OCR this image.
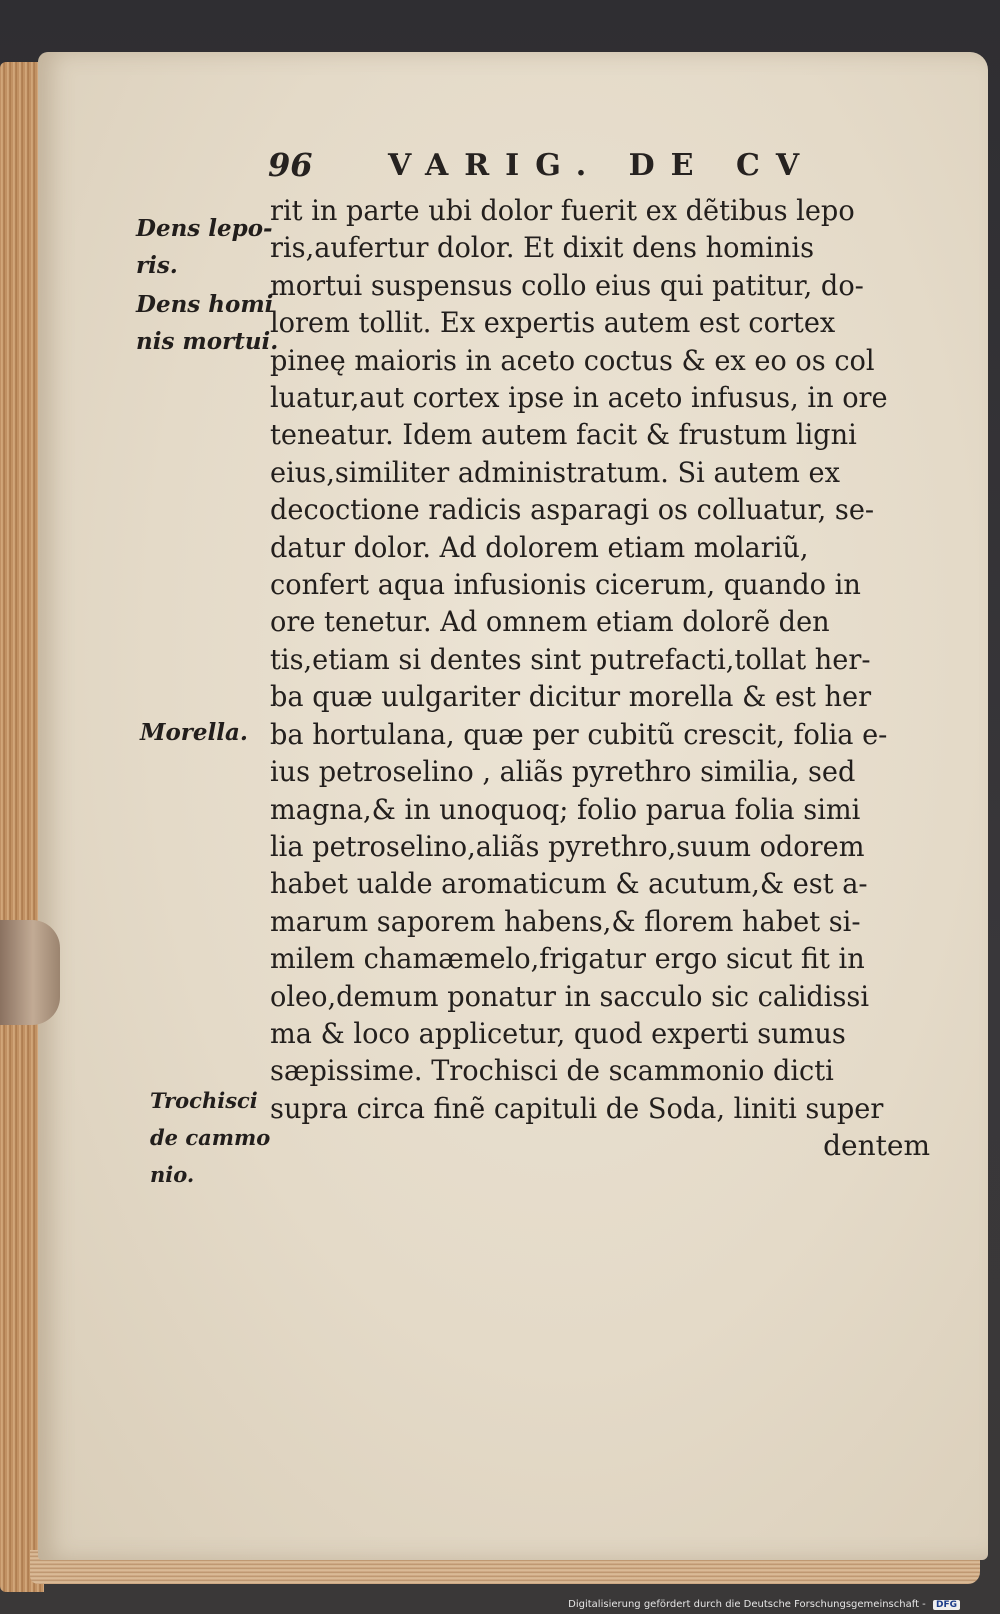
96	VARIG. DE CV
Dens lepo-
ris.
Dens homi
nis mortui.
Morella.
Trochisci
de cammo
nio.
rit in parte ubi dolor fuerit ex dẽtibus lepo
ris,aufertur dolor. Et dixit dens hominis
mortui suspensus collo eius qui patitur, do-
lorem tollit. Ex expertis autem est cortex
pineę maioris in aceto coctus & ex eo os col
luatur,aut cortex ipse in aceto infusus, in ore
teneatur. Idem autem facit & frustum ligni
eius,similiter administratum. Si autem ex
decoctione radicis asparagi os colluatur, se-
datur dolor. Ad dolorem etiam molariũ,
confert aqua infusionis cicerum, quando in
ore tenetur. Ad omnem etiam dolorẽ den
tis,etiam si dentes sint putrefacti,tollat her-
ba quæ uulgariter dicitur morella & est her
ba hortulana, quæ per cubitũ crescit, folia e-
ius petroselino , aliãs pyrethro similia, sed
magna,& in unoquoq; folio parua folia simi
lia petroselino,aliãs pyrethro,suum odorem
habet ualde aromaticum & acutum,& est a-
marum saporem habens,& florem habet si-
milem chamæmelo,frigatur ergo sicut fit in
oleo,demum ponatur in sacculo sic calidissi
ma & loco applicetur, quod experti sumus
sæpissime. Trochisci de scammonio dicti
supra circa finẽ capituli de Soda, liniti super
dentem
Digitalisierung gefördert durch die Deutsche Forschungsgemeinschaft - DFG
